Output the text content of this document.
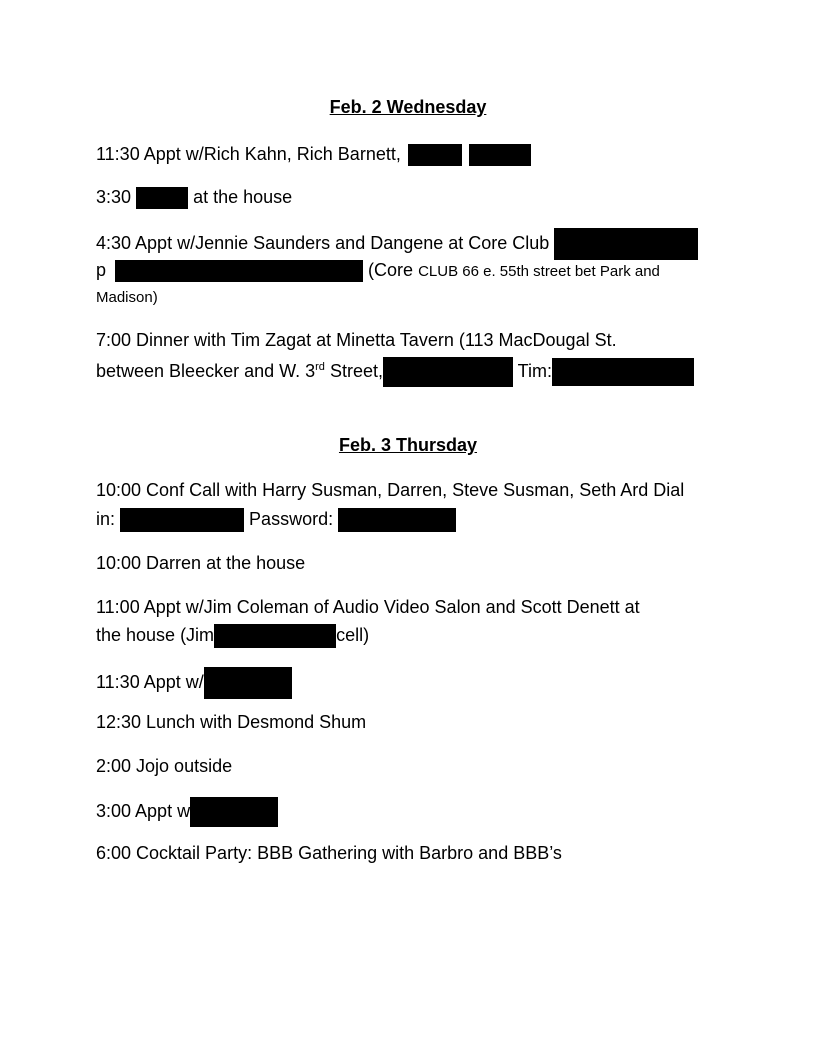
Feb. 2 Wednesday
11:30 Appt w/Rich Kahn, Rich Barnett,
3:30	at the house
4:30 Appt w/Jennie Saunders and Dangene at Core Club
p	(Core CLUB 66 e. 55th street bet Park and
Madison)
7:00 Dinner with Tim Zagat at Minetta Tavern (113 MacDougal St.
between Bleecker and W. 3rd Street,	Tim:
Feb. 3 Thursday
10:00 Conf Call with Harry Susman, Darren, Steve Susman, Seth Ard Dial
in:	Password:
10:00 Darren at the house
11:00 Appt w/Jim Coleman of Audio Video Salon and Scott Denett at
the house (Jim	cell)
11:30 Appt w/
12:30 Lunch with Desmond Shum
2:00 Jojo outside
3:00 Appt w
6:00 Cocktail Party: BBB Gathering with Barbro and BBB’s
